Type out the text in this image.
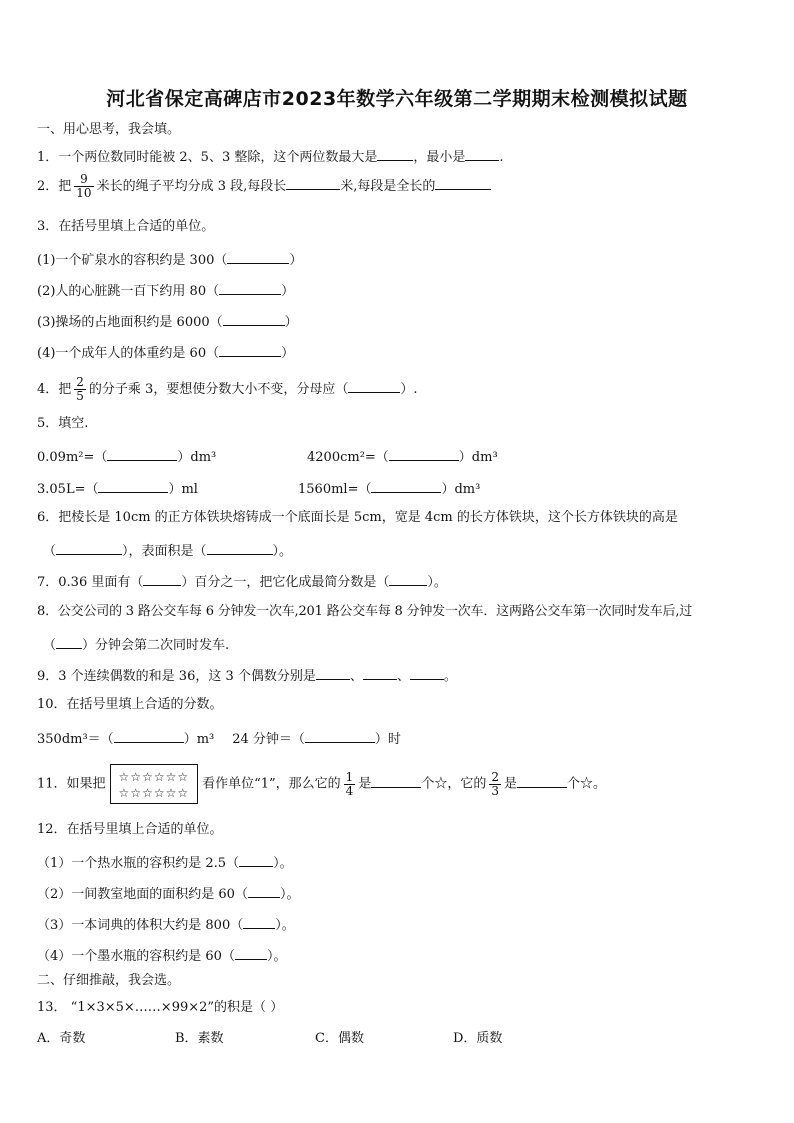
河北省保定高碑店市2023年数学六年级第二学期期末检测模拟试题
一、用心思考，我会填。
1．一个两位数同时能被 2、5、3 整除，这个两位数最大是	，最小是	.
2．把 $\frac{9}{10}$ 米长的绳子平均分成 3 段,每段长	米,每段是全长的
3．在括号里填上合适的单位。
(1)一个矿泉水的容积约是 300（	）
(2)人的心脏跳一百下约用 80（	）
(3)操场的占地面积约是 6000（	）
(4)一个成年人的体重约是 60（	）
4．把 $\frac{2}{5}$ 的分子乘 3，要想使分数大小不变，分母应（	）.
5．填空.
0.09m²=（	）dm³	4200cm²=（	）dm³
3.05L=（	）ml	1560ml=（	）dm³
6．把棱长是 10cm 的正方体铁块熔铸成一个底面长是 5cm，宽是 4cm 的长方体铁块，这个长方体铁块的高是
（	），表面积是（	）。
7．0.36 里面有（	）百分之一，把它化成最简分数是（	）。
8．公交公司的 3 路公交车每 6 分钟发一次车,201 路公交车每 8 分钟发一次车．这两路公交车第一次同时发车后,过
（ ）分钟会第二次同时发车.
9．3 个连续偶数的和是 36，这 3 个偶数分别是	、	、	。
10．在括号里填上合适的分数。
350dm³＝（	）m³ 24 分钟＝（	）时
11．如果把 ☆☆☆☆☆☆
☆☆☆☆☆☆
看作单位“1”，那么它的 $\frac{1}{4}$ 是	个☆，它的 $\frac{2}{3}$ 是	个☆。
12．在括号里填上合适的单位。
（1）一个热水瓶的容积约是 2.5（	）。
（2）一间教室地面的面积约是 60（ ）。
（3）一本词典的体积大约是 800（ ）。
（4）一个墨水瓶的容积约是 60（ ）。
二、仔细推敲，我会选。
13． “1×3×5×……×99×2”的积是（ ）
A．奇数	B．素数	C．偶数	D．质数
